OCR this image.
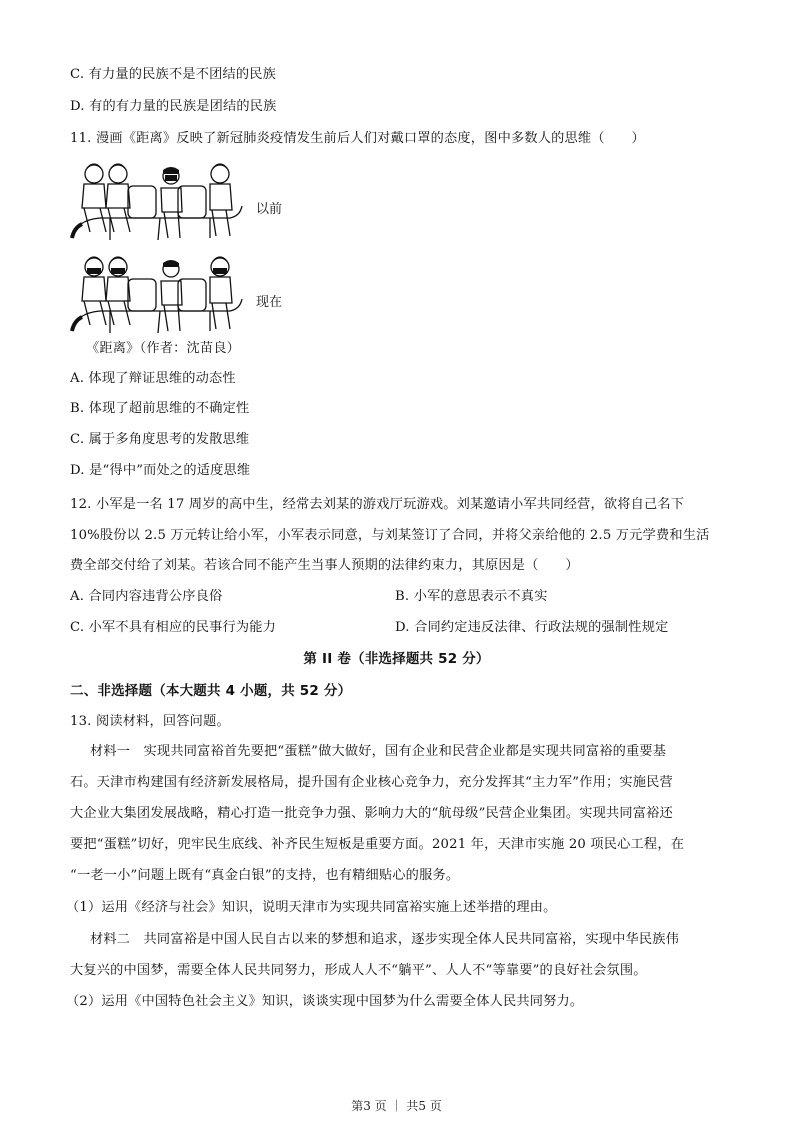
C. 有力量的民族不是不团结的民族
D. 有的有力量的民族是团结的民族
11. 漫画《距离》反映了新冠肺炎疫情发生前后人们对戴口罩的态度，图中多数人的思维（　　）
以前
现在
《距离》（作者：沈苗良）
A. 体现了辩证思维的动态性
B. 体现了超前思维的不确定性
C. 属于多角度思考的发散思维
D. 是“得中”而处之的适度思维
12. 小军是一名 17 周岁的高中生，经常去刘某的游戏厅玩游戏。刘某邀请小军共同经营，欲将自己名下
10%股份以 2.5 万元转让给小军，小军表示同意，与刘某签订了合同，并将父亲给他的 2.5 万元学费和生活
费全部交付给了刘某。若该合同不能产生当事人预期的法律约束力，其原因是（　　）
A. 合同内容违背公序良俗	B. 小军的意思表示不真实
C. 小军不具有相应的民事行为能力	D. 合同约定违反法律、行政法规的强制性规定
第 II 卷（非选择题共 52 分）
二、非选择题（本大题共 4 小题，共 52 分）
13. 阅读材料，回答问题。
材料一　实现共同富裕首先要把“蛋糕”做大做好，国有企业和民营企业都是实现共同富裕的重要基
石。天津市构建国有经济新发展格局，提升国有企业核心竞争力，充分发挥其“主力军”作用；实施民营
大企业大集团发展战略，精心打造一批竞争力强、影响力大的“航母级”民营企业集团。实现共同富裕还
要把“蛋糕”切好，兜牢民生底线、补齐民生短板是重要方面。2021 年，天津市实施 20 项民心工程，在
“一老一小”问题上既有“真金白银”的支持，也有精细贴心的服务。
（1）运用《经济与社会》知识，说明天津市为实现共同富裕实施上述举措的理由。
材料二　共同富裕是中国人民自古以来的梦想和追求，逐步实现全体人民共同富裕，实现中华民族伟
大复兴的中国梦，需要全体人民共同努力，形成人人不“躺平”、人人不“等靠要”的良好社会氛围。
（2）运用《中国特色社会主义》知识，谈谈实现中国梦为什么需要全体人民共同努力。
第3 页 ｜ 共5 页
